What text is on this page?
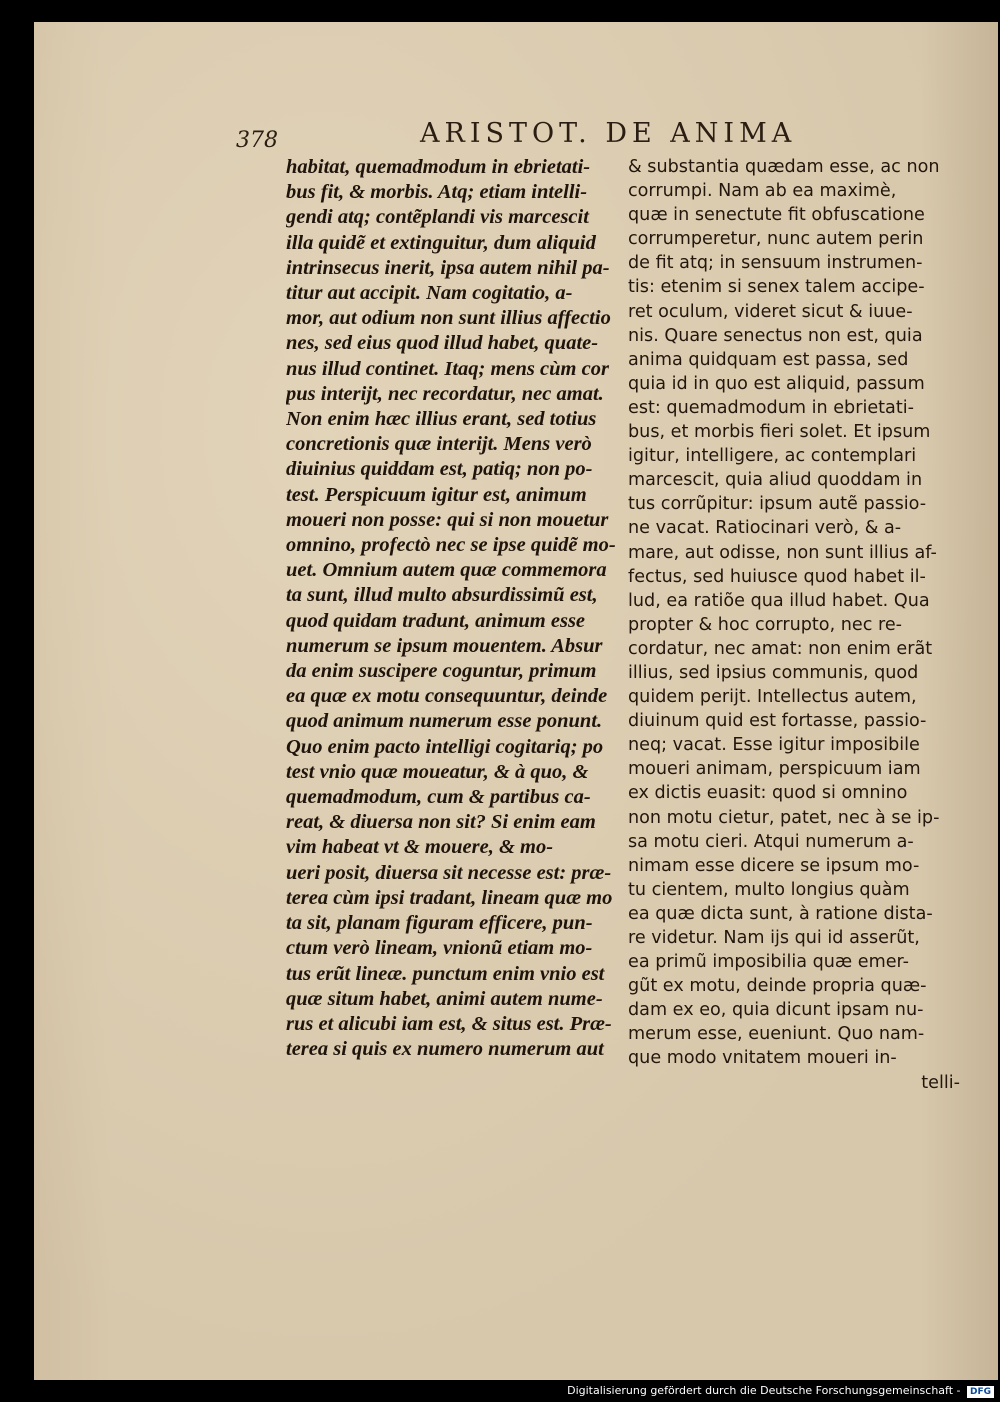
378	ARISTOT. DE ANIMA
habitat, quemadmodum in ebrietati-
bus fit, & morbis. Atq; etiam intelli-
gendi atq; contẽplandi vis marcescit
illa quidẽ et extinguitur, dum aliquid
intrinsecus inerit, ipsa autem nihil pa-
titur aut accipit. Nam cogitatio, a-
mor, aut odium non sunt illius affectio
nes, sed eius quod illud habet, quate-
nus illud continet. Itaq; mens cùm cor
pus interijt, nec recordatur, nec amat.
Non enim hæc illius erant, sed totius
concretionis quæ interijt. Mens verò
diuinius quiddam est, patiq; non po-
test. Perspicuum igitur est, animum
moueri non posse: qui si non mouetur
omnino, profectò nec se ipse quidẽ mo-
uet. Omnium autem quæ commemora
ta sunt, illud multo absurdissimũ est,
quod quidam tradunt, animum esse
numerum se ipsum mouentem. Absur
da enim suscipere coguntur, primum
ea quæ ex motu consequuntur, deinde
quod animum numerum esse ponunt.
Quo enim pacto intelligi cogitariq; po
test vnio quæ moueatur, & à quo, &
quemadmodum, cum & partibus ca-
reat, & diuersa non sit? Si enim eam
vim habeat vt & mouere, & mo-
ueri posit, diuersa sit necesse est: præ-
terea cùm ipsi tradant, lineam quæ mo
ta sit, planam figuram efficere, pun-
ctum verò lineam, vnionũ etiam mo-
tus erũt lineæ. punctum enim vnio est
quæ situm habet, animi autem nume-
rus et alicubi iam est, & situs est. Præ-
terea si quis ex numero numerum aut
& substantia quædam esse, ac non
corrumpi. Nam ab ea maximè,
quæ in senectute fit obfuscatione
corrumperetur, nunc autem perin
de fit atq; in sensuum instrumen-
tis: etenim si senex talem accipe-
ret oculum, videret sicut & iuue-
nis. Quare senectus non est, quia
anima quidquam est passa, sed
quia id in quo est aliquid, passum
est: quemadmodum in ebrietati-
bus, et morbis fieri solet. Et ipsum
igitur, intelligere, ac contemplari
marcescit, quia aliud quoddam in
tus corrũpitur: ipsum autẽ passio-
ne vacat. Ratiocinari verò, & a-
mare, aut odisse, non sunt illius af-
fectus, sed huiusce quod habet il-
lud, ea ratiõe qua illud habet. Qua
propter & hoc corrupto, nec re-
cordatur, nec amat: non enim erãt
illius, sed ipsius communis, quod
quidem perijt. Intellectus autem,
diuinum quid est fortasse, passio-
neq; vacat. Esse igitur imposibile
moueri animam, perspicuum iam
ex dictis euasit: quod si omnino
non motu cietur, patet, nec à se ip-
sa motu cieri. Atqui numerum a-
nimam esse dicere se ipsum mo-
tu cientem, multo longius quàm
ea quæ dicta sunt, à ratione dista-
re videtur. Nam ijs qui id asserũt,
ea primũ imposibilia quæ emer-
gũt ex motu, deinde propria quæ-
dam ex eo, quia dicunt ipsam nu-
merum esse, eueniunt. Quo nam-
que modo vnitatem moueri in-
telli-
Digitalisierung gefördert durch die Deutsche Forschungsgemeinschaft - DFG
